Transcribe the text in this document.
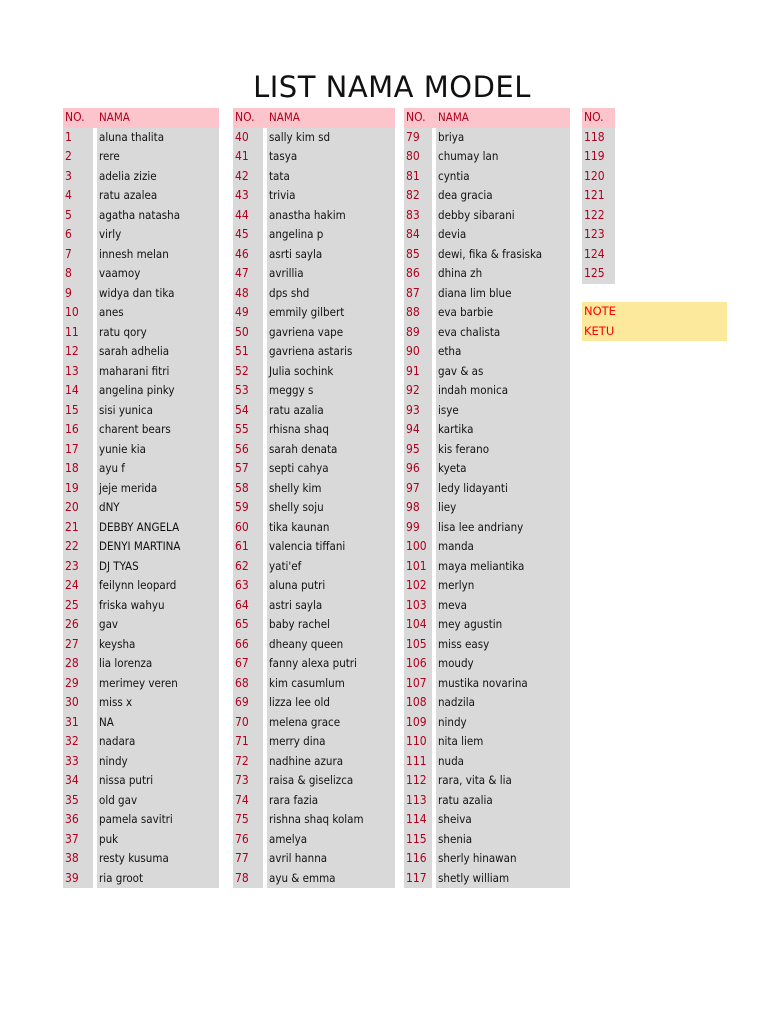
LIST NAMA MODEL
NO. NAMA
1 aluna thalita
2 rere
3 adelia zizie
4 ratu azalea
5 agatha natasha
6 virly
7 innesh melan
8 vaamoy
9 widya dan tika
10 anes
11 ratu qory
12 sarah adhelia
13 maharani fitri
14 angelina pinky
15 sisi yunica
16 charent bears
17 yunie kia
18 ayu f
19 jeje merida
20 dNY
21 DEBBY ANGELA
22 DENYI MARTINA
23 DJ TYAS
24 feilynn leopard
25 friska wahyu
26 gav
27 keysha
28 lia lorenza
29 merimey veren
30 miss x
31 NA
32 nadara
33 nindy
34 nissa putri
35 old gav
36 pamela savitri
37 puk
38 resty kusuma
39 ria groot
NO. NAMA
40 sally kim sd
41 tasya
42 tata
43 trivia
44 anastha hakim
45 angelina p
46 asrti sayla
47 avrillia
48 dps shd
49 emmily gilbert
50 gavriena vape
51 gavriena astaris
52 Julia sochink
53 meggy s
54 ratu azalia
55 rhisna shaq
56 sarah denata
57 septi cahya
58 shelly kim
59 shelly soju
60 tika kaunan
61 valencia tiffani
62 yati'ef
63 aluna putri
64 astri sayla
65 baby rachel
66 dheany queen
67 fanny alexa putri
68 kim casumlum
69 lizza lee old
70 melena grace
71 merry dina
72 nadhine azura
73 raisa & giselizca
74 rara fazia
75 rishna shaq kolam
76 amelya
77 avril hanna
78 ayu & emma
NO. NAMA
79 briya
80 chumay lan
81 cyntia
82 dea gracia
83 debby sibarani
84 devia
85 dewi, fika & frasiska
86 dhina zh
87 diana lim blue
88 eva barbie
89 eva chalista
90 etha
91 gav & as
92 indah monica
93 isye
94 kartika
95 kis ferano
96 kyeta
97 ledy lidayanti
98 liey
99 lisa lee andriany
100 manda
101 maya meliantika
102 merlyn
103 meva
104 mey agustin
105 miss easy
106 moudy
107 mustika novarina
108 nadzila
109 nindy
110 nita liem
111 nuda
112 rara, vita & lia
113 ratu azalia
114 sheiva
115 shenia
116 sherly hinawan
117 shetly william
NO.
118
119
120
121
122
123
124
125
NOTE
KETU
